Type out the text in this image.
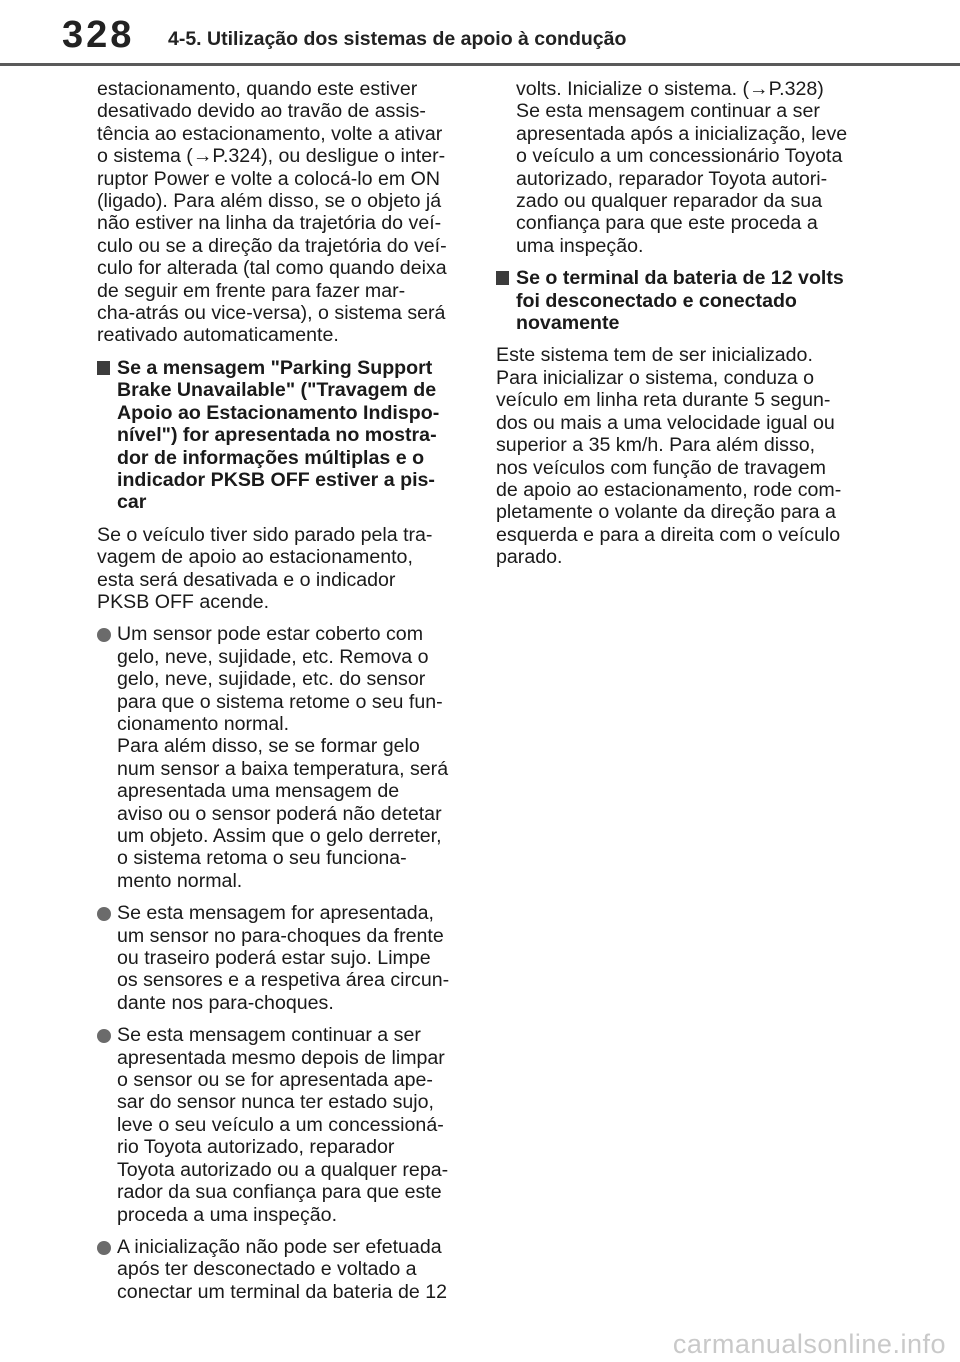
328 4-5. Utilização dos sistemas de apoio à condução

estacionamento, quando este estiver
desativado devido ao travão de assis-
tência ao estacionamento, volte a ativar
o sistema (→P.324), ou desligue o inter-
ruptor Power e volte a colocá-lo em ON
(ligado). Para além disso, se o objeto já
não estiver na linha da trajetória do veí-
culo ou se a direção da trajetória do veí-
culo for alterada (tal como quando deixa
de seguir em frente para fazer mar-
cha-atrás ou vice-versa), o sistema será
reativado automaticamente.

Se a mensagem "Parking Support
Brake Unavailable" ("Travagem de
Apoio ao Estacionamento Indispo-
nível") for apresentada no mostra-
dor de informações múltiplas e o
indicador PKSB OFF estiver a pis-
car

Se o veículo tiver sido parado pela tra-
vagem de apoio ao estacionamento,
esta será desativada e o indicador
PKSB OFF acende.

Um sensor pode estar coberto com
gelo, neve, sujidade, etc. Remova o
gelo, neve, sujidade, etc. do sensor
para que o sistema retome o seu fun-
cionamento normal.
Para além disso, se se formar gelo
num sensor a baixa temperatura, será
apresentada uma mensagem de
aviso ou o sensor poderá não detetar
um objeto. Assim que o gelo derreter,
o sistema retoma o seu funciona-
mento normal.
Se esta mensagem for apresentada,
um sensor no para-choques da frente
ou traseiro poderá estar sujo. Limpe
os sensores e a respetiva área circun-
dante nos para-choques.
Se esta mensagem continuar a ser
apresentada mesmo depois de limpar
o sensor ou se for apresentada ape-
sar do sensor nunca ter estado sujo,
leve o seu veículo a um concessioná-
rio Toyota autorizado, reparador
Toyota autorizado ou a qualquer repa-
rador da sua confiança para que este
proceda a uma inspeção.
A inicialização não pode ser efetuada
após ter desconectado e voltado a
conectar um terminal da bateria de 12

volts. Inicialize o sistema. (→P.328)
Se esta mensagem continuar a ser
apresentada após a inicialização, leve
o veículo a um concessionário Toyota
autorizado, reparador Toyota autori-
zado ou qualquer reparador da sua
confiança para que este proceda a
uma inspeção.

Se o terminal da bateria de 12 volts
foi desconectado e conectado
novamente

Este sistema tem de ser inicializado.
Para inicializar o sistema, conduza o
veículo em linha reta durante 5 segun-
dos ou mais a uma velocidade igual ou
superior a 35 km/h. Para além disso,
nos veículos com função de travagem
de apoio ao estacionamento, rode com-
pletamente o volante da direção para a
esquerda e para a direita com o veículo
parado.

carmanualsonline.info
